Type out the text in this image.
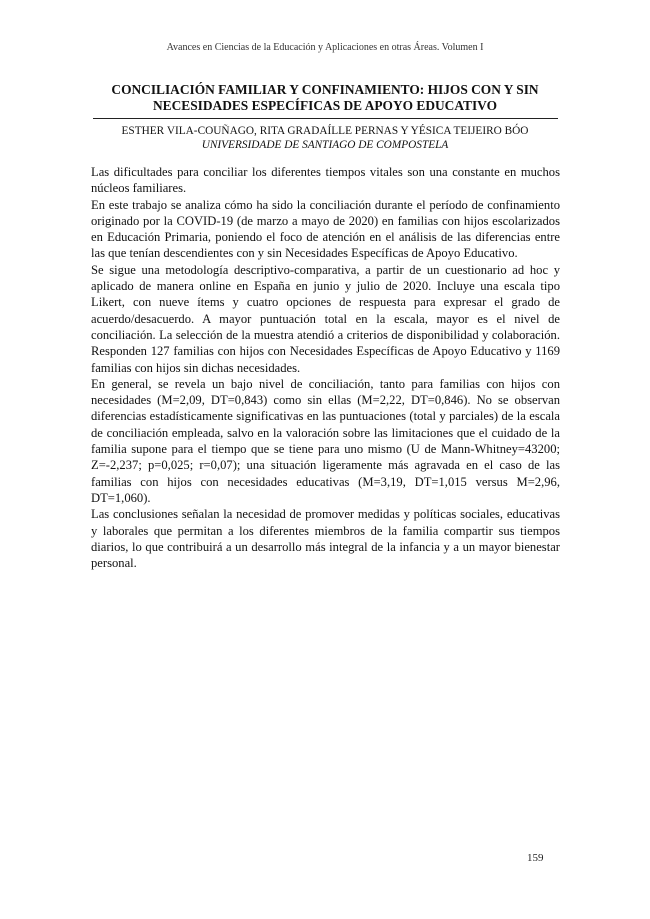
Avances en Ciencias de la Educación y Aplicaciones en otras Áreas. Volumen I
CONCILIACIÓN FAMILIAR Y CONFINAMIENTO: HIJOS CON Y SIN
NECESIDADES ESPECÍFICAS DE APOYO EDUCATIVO
ESTHER VILA-COUÑAGO, RITA GRADAÍLLE PERNAS Y YÉSICA TEIJEIRO BÓO
UNIVERSIDADE DE SANTIAGO DE COMPOSTELA

Las dificultades para conciliar los diferentes tiempos vitales son una constante en muchos núcleos familiares.

En este trabajo se analiza cómo ha sido la conciliación durante el período de confinamiento originado por la COVID-19 (de marzo a mayo de 2020) en familias con hijos escolarizados en Educación Primaria, poniendo el foco de atención en el análisis de las diferencias entre las que tenían descendientes con y sin Necesidades Específicas de Apoyo Educativo.

Se sigue una metodología descriptivo-comparativa, a partir de un cuestionario ad hoc y aplicado de manera online en España en junio y julio de 2020. Incluye una escala tipo Likert, con nueve ítems y cuatro opciones de respuesta para expresar el grado de acuerdo/desacuerdo. A mayor puntuación total en la escala, mayor es el nivel de conciliación. La selección de la muestra atendió a criterios de disponibilidad y colaboración. Responden 127 familias con hijos con Necesidades Específicas de Apoyo Educativo y 1169 familias con hijos sin dichas necesidades.

En general, se revela un bajo nivel de conciliación, tanto para familias con hijos con necesidades (M=2,09, DT=0,843) como sin ellas (M=2,22, DT=0,846). No se observan diferencias estadísticamente significativas en las puntuaciones (total y parciales) de la escala de conciliación empleada, salvo en la valoración sobre las limitaciones que el cuidado de la familia supone para el tiempo que se tiene para uno mismo (U de Mann-Whitney=43200; Z=-2,237; p=0,025; r=0,07); una situación ligeramente más agravada en el caso de las familias con hijos con necesidades educativas (M=3,19, DT=1,015 versus M=2,96, DT=1,060).

Las conclusiones señalan la necesidad de promover medidas y políticas sociales, educativas y laborales que permitan a los diferentes miembros de la familia compartir sus tiempos diarios, lo que contribuirá a un desarrollo más integral de la infancia y a un mayor bienestar personal.

159
